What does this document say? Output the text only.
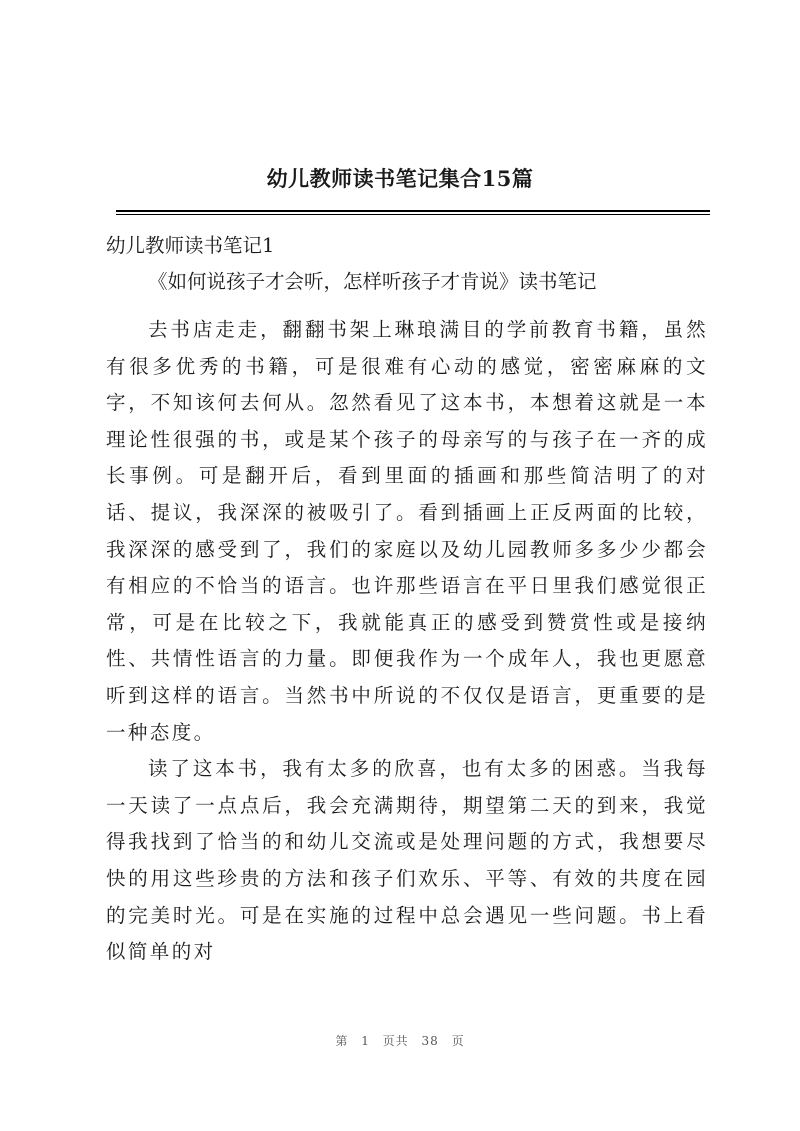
幼儿教师读书笔记集合15篇
幼儿教师读书笔记1
《如何说孩子才会听，怎样听孩子才肯说》读书笔记

去书店走走，翻翻书架上琳琅满目的学前教育书籍，虽然有很多优秀的书籍，可是很难有心动的感觉，密密麻麻的文字，不知该何去何从。忽然看见了这本书，本想着这就是一本理论性很强的书，或是某个孩子的母亲写的与孩子在一齐的成长事例。可是翻开后，看到里面的插画和那些简洁明了的对话、提议，我深深的被吸引了。看到插画上正反两面的比较，我深深的感受到了，我们的家庭以及幼儿园教师多多少少都会有相应的不恰当的语言。也许那些语言在平日里我们感觉很正常，可是在比较之下，我就能真正的感受到赞赏性或是接纳性、共情性语言的力量。即便我作为一个成年人，我也更愿意听到这样的语言。当然书中所说的不仅仅是语言，更重要的是一种态度。

读了这本书，我有太多的欣喜，也有太多的困惑。当我每一天读了一点点后，我会充满期待，期望第二天的到来，我觉得我找到了恰当的和幼儿交流或是处理问题的方式，我想要尽快的用这些珍贵的方法和孩子们欢乐、平等、有效的共度在园的完美时光。可是在实施的过程中总会遇见一些问题。书上看似简单的对

第 1 页共 38 页
